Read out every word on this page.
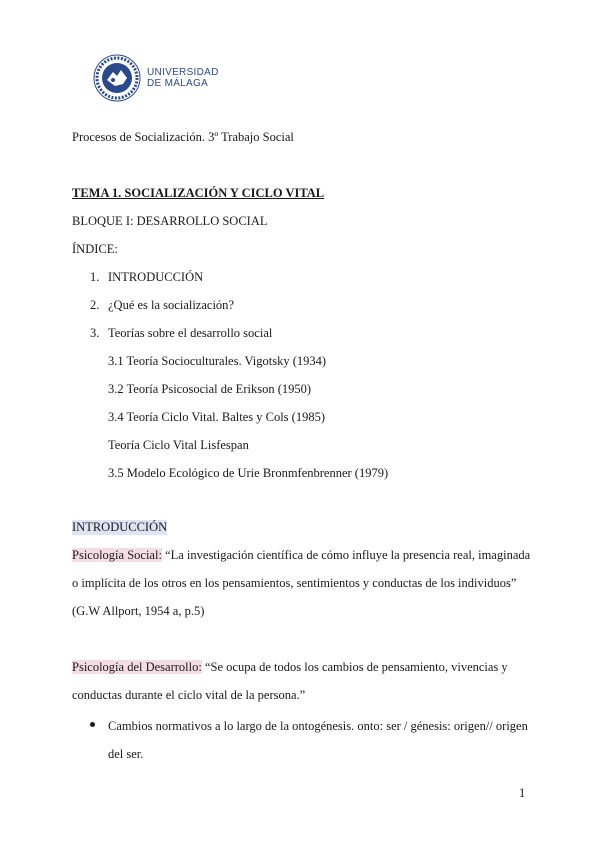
UNIVERSIDAD
DE MÁLAGA
Procesos de Socialización. 3º Trabajo Social
TEMA 1. SOCIALIZACIÓN Y CICLO VITAL
BLOQUE I: DESARROLLO SOCIAL
ÍNDICE:
1. INTRODUCCIÓN
2. ¿Qué es la socialización?
3. Teorías sobre el desarrollo social
3.1 Teoría Socioculturales. Vigotsky (1934)
3.2 Teoría Psicosocial de Erikson (1950)
3.4 Teoría Ciclo Vital. Baltes y Cols (1985)
Teoría Ciclo Vital Lisfespan
3.5 Modelo Ecológico de Urie Bronmfenbrenner (1979)
INTRODUCCIÓN
Psicología Social: “La investigación científica de cómo influye la presencia real, imaginada o implícita de los otros en los pensamientos, sentimientos y conductas de los individuos” (G.W Allport, 1954 a, p.5)
Psicología del Desarrollo: “Se ocupa de todos los cambios de pensamiento, vivencias y conductas durante el ciclo vital de la persona.”
Cambios normativos a lo largo de la ontogénesis. onto: ser / génesis: origen// origen del ser.
1
